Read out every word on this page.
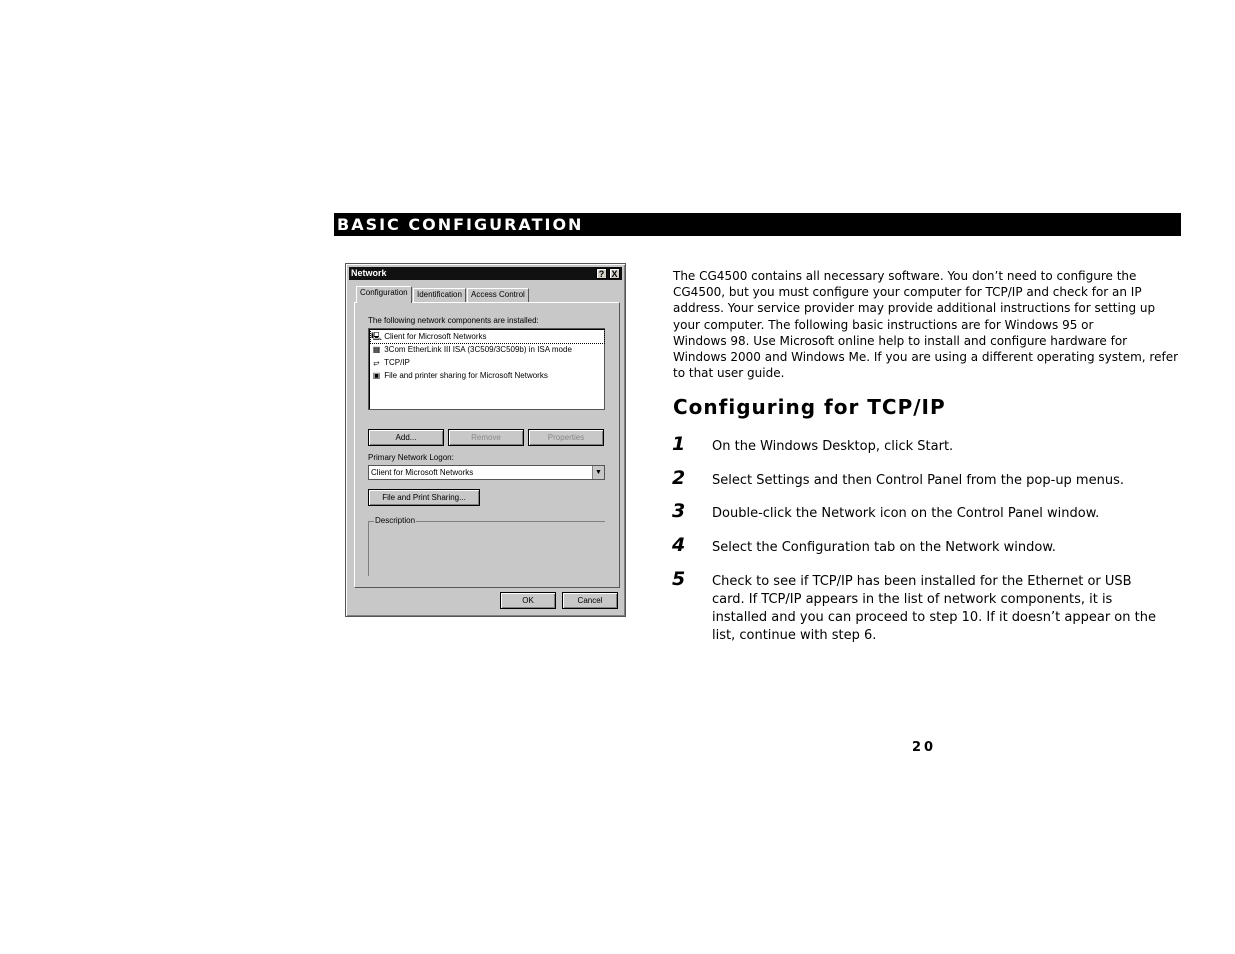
BASIC CONFIGURATION
Network	? X
Configuration	Identification	Access Control
The following network components are installed:
🖳︎ Client for Microsoft Networks
▦ 3Com EtherLink III ISA (3C509/3C509b) in ISA mode
⥂ TCP/IP
▣ File and printer sharing for Microsoft Networks
Add...	Remove	Properties
Primary Network Logon:
Client for Microsoft Networks	▼
File and Print Sharing...
Description
OK	Cancel
The CG4500 contains all necessary software. You don’t need to configure the
CG4500, but you must configure your computer for TCP/IP and check for an IP
address. Your service provider may provide additional instructions for setting up
your computer. The following basic instructions are for Windows 95 or
Windows 98. Use Microsoft online help to install and configure hardware for
Windows 2000 and Windows Me. If you are using a different operating system, refer
to that user guide.
Configuring for TCP/IP
1 On the Windows Desktop, click Start.
2 Select Settings and then Control Panel from the pop-up menus.
3 Double-click the Network icon on the Control Panel window.
4 Select the Configuration tab on the Network window.
5 Check to see if TCP/IP has been installed for the Ethernet or USB
card. If TCP/IP appears in the list of network components, it is
installed and you can proceed to step 10. If it doesn’t appear on the
list, continue with step 6.
20
